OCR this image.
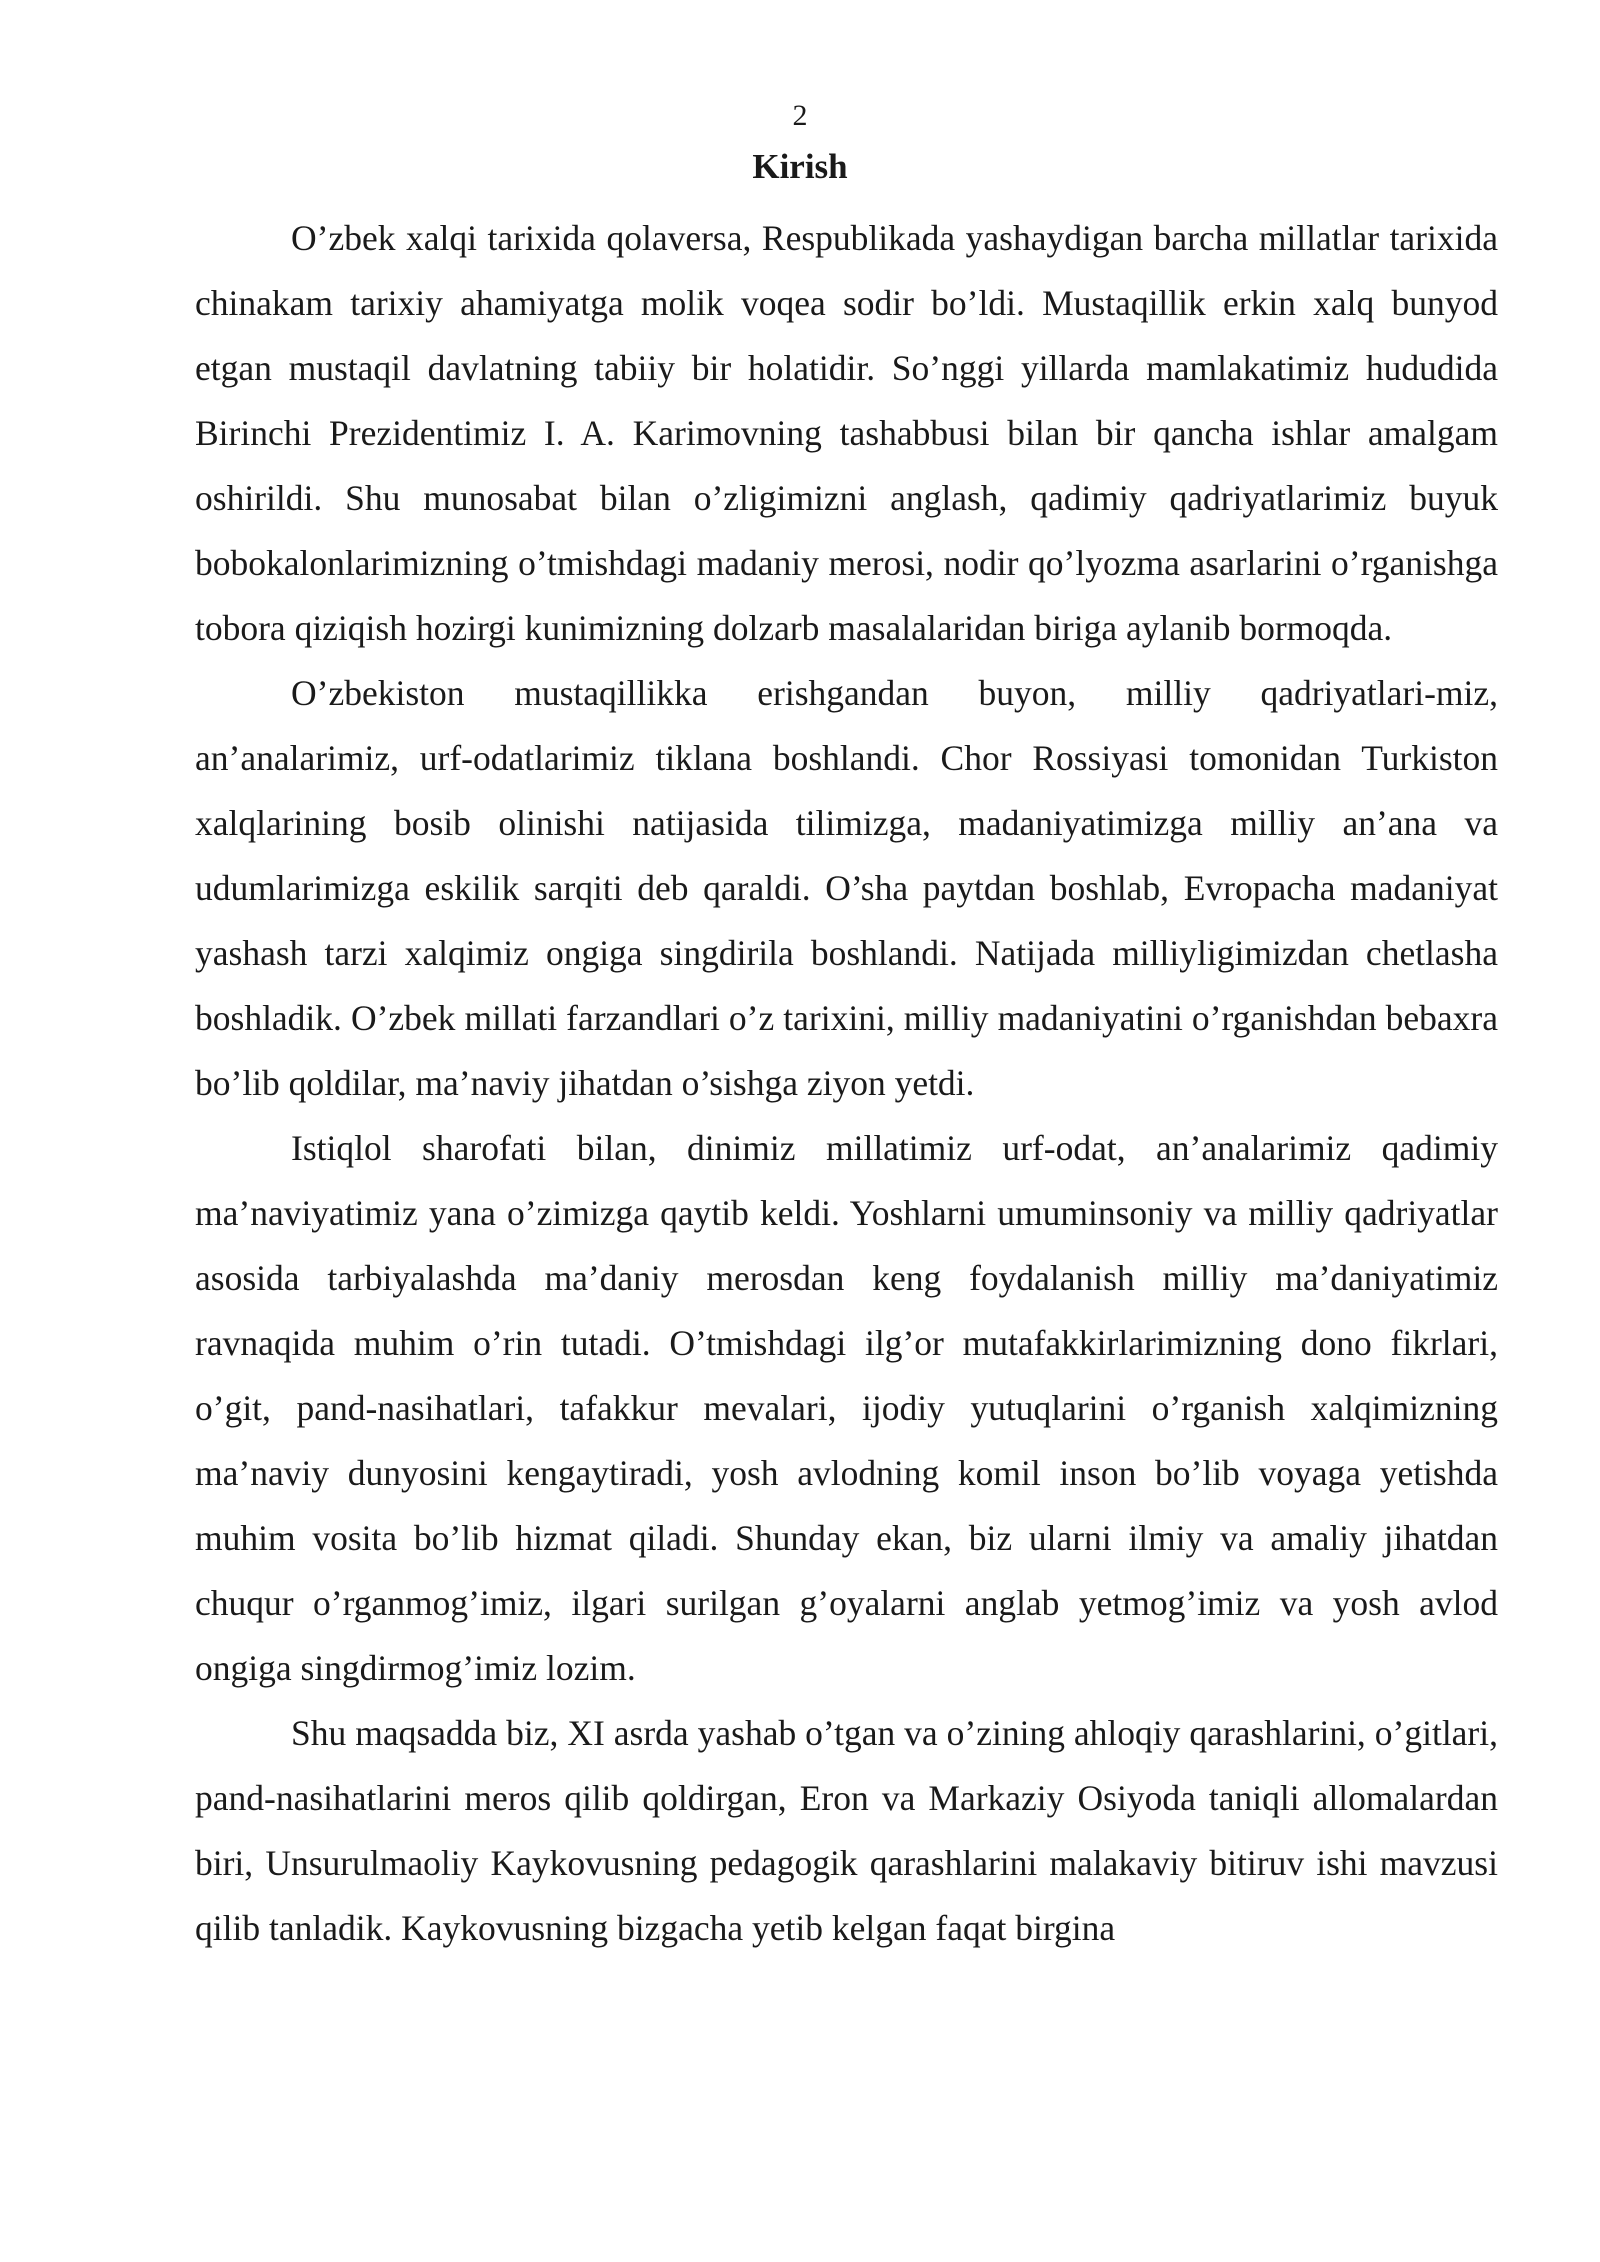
2
Kirish

O’zbek xalqi tarixida qolaversa, Respublikada yashaydigan barcha millatlar tarixida chinakam tarixiy ahamiyatga molik voqea sodir bo’ldi. Mustaqillik erkin xalq bunyod etgan mustaqil davlatning tabiiy bir holatidir. So’nggi yillarda mamlakatimiz hududida Birinchi Prezidentimiz I. A. Karimovning tashabbusi bilan bir qancha ishlar amalgam oshirildi. Shu munosabat bilan o’zligimizni anglash, qadimiy qadriyatlarimiz buyuk bobokalonlarimizning o’tmishdagi madaniy merosi, nodir qo’lyozma asarlarini o’rganishga tobora qiziqish hozirgi kunimizning dolzarb masalalaridan biriga aylanib bormoqda.

O’zbekiston mustaqillikka erishgandan buyon, milliy qadriyatlari-miz, an’analarimiz, urf-odatlarimiz tiklana boshlandi. Chor Rossiyasi tomonidan Turkiston xalqlarining bosib olinishi natijasida tilimizga, madaniyatimizga milliy an’ana va udumlarimizga eskilik sarqiti deb qaraldi. O’sha paytdan boshlab, Evropacha madaniyat yashash tarzi xalqimiz ongiga singdirila boshlandi. Natijada milliyligimizdan chetlasha boshladik. O’zbek millati farzandlari o’z tarixini, milliy madaniyatini o’rganishdan bebaxra bo’lib qoldilar, ma’naviy jihatdan o’sishga ziyon yetdi.

Istiqlol sharofati bilan, dinimiz millatimiz urf-odat, an’analarimiz qadimiy ma’naviyatimiz yana o’zimizga qaytib keldi. Yoshlarni umuminsoniy va milliy qadriyatlar asosida tarbiyalashda ma’daniy merosdan keng foydalanish milliy ma’daniyatimiz ravnaqida muhim o’rin tutadi. O’tmishdagi ilg’or mutafakkirlarimizning dono fikrlari, o’git, pand-nasihatlari, tafakkur mevalari, ijodiy yutuqlarini o’rganish xalqimizning ma’naviy dunyosini kengaytiradi, yosh avlodning komil inson bo’lib voyaga yetishda muhim vosita bo’lib hizmat qiladi. Shunday ekan, biz ularni ilmiy va amaliy jihatdan chuqur o’rganmog’imiz, ilgari surilgan g’oyalarni anglab yetmog’imiz va yosh avlod ongiga singdirmog’imiz lozim.

Shu maqsadda biz, XI asrda yashab o’tgan va o’zining ahloqiy qarashlarini, o’gitlari, pand-nasihatlarini meros qilib qoldirgan, Eron va Markaziy Osiyoda taniqli allomalardan biri, Unsurulmaoliy Kaykovusning pedagogik qarashlarini malakaviy bitiruv ishi mavzusi qilib tanladik. Kaykovusning bizgacha yetib kelgan faqat birgina
